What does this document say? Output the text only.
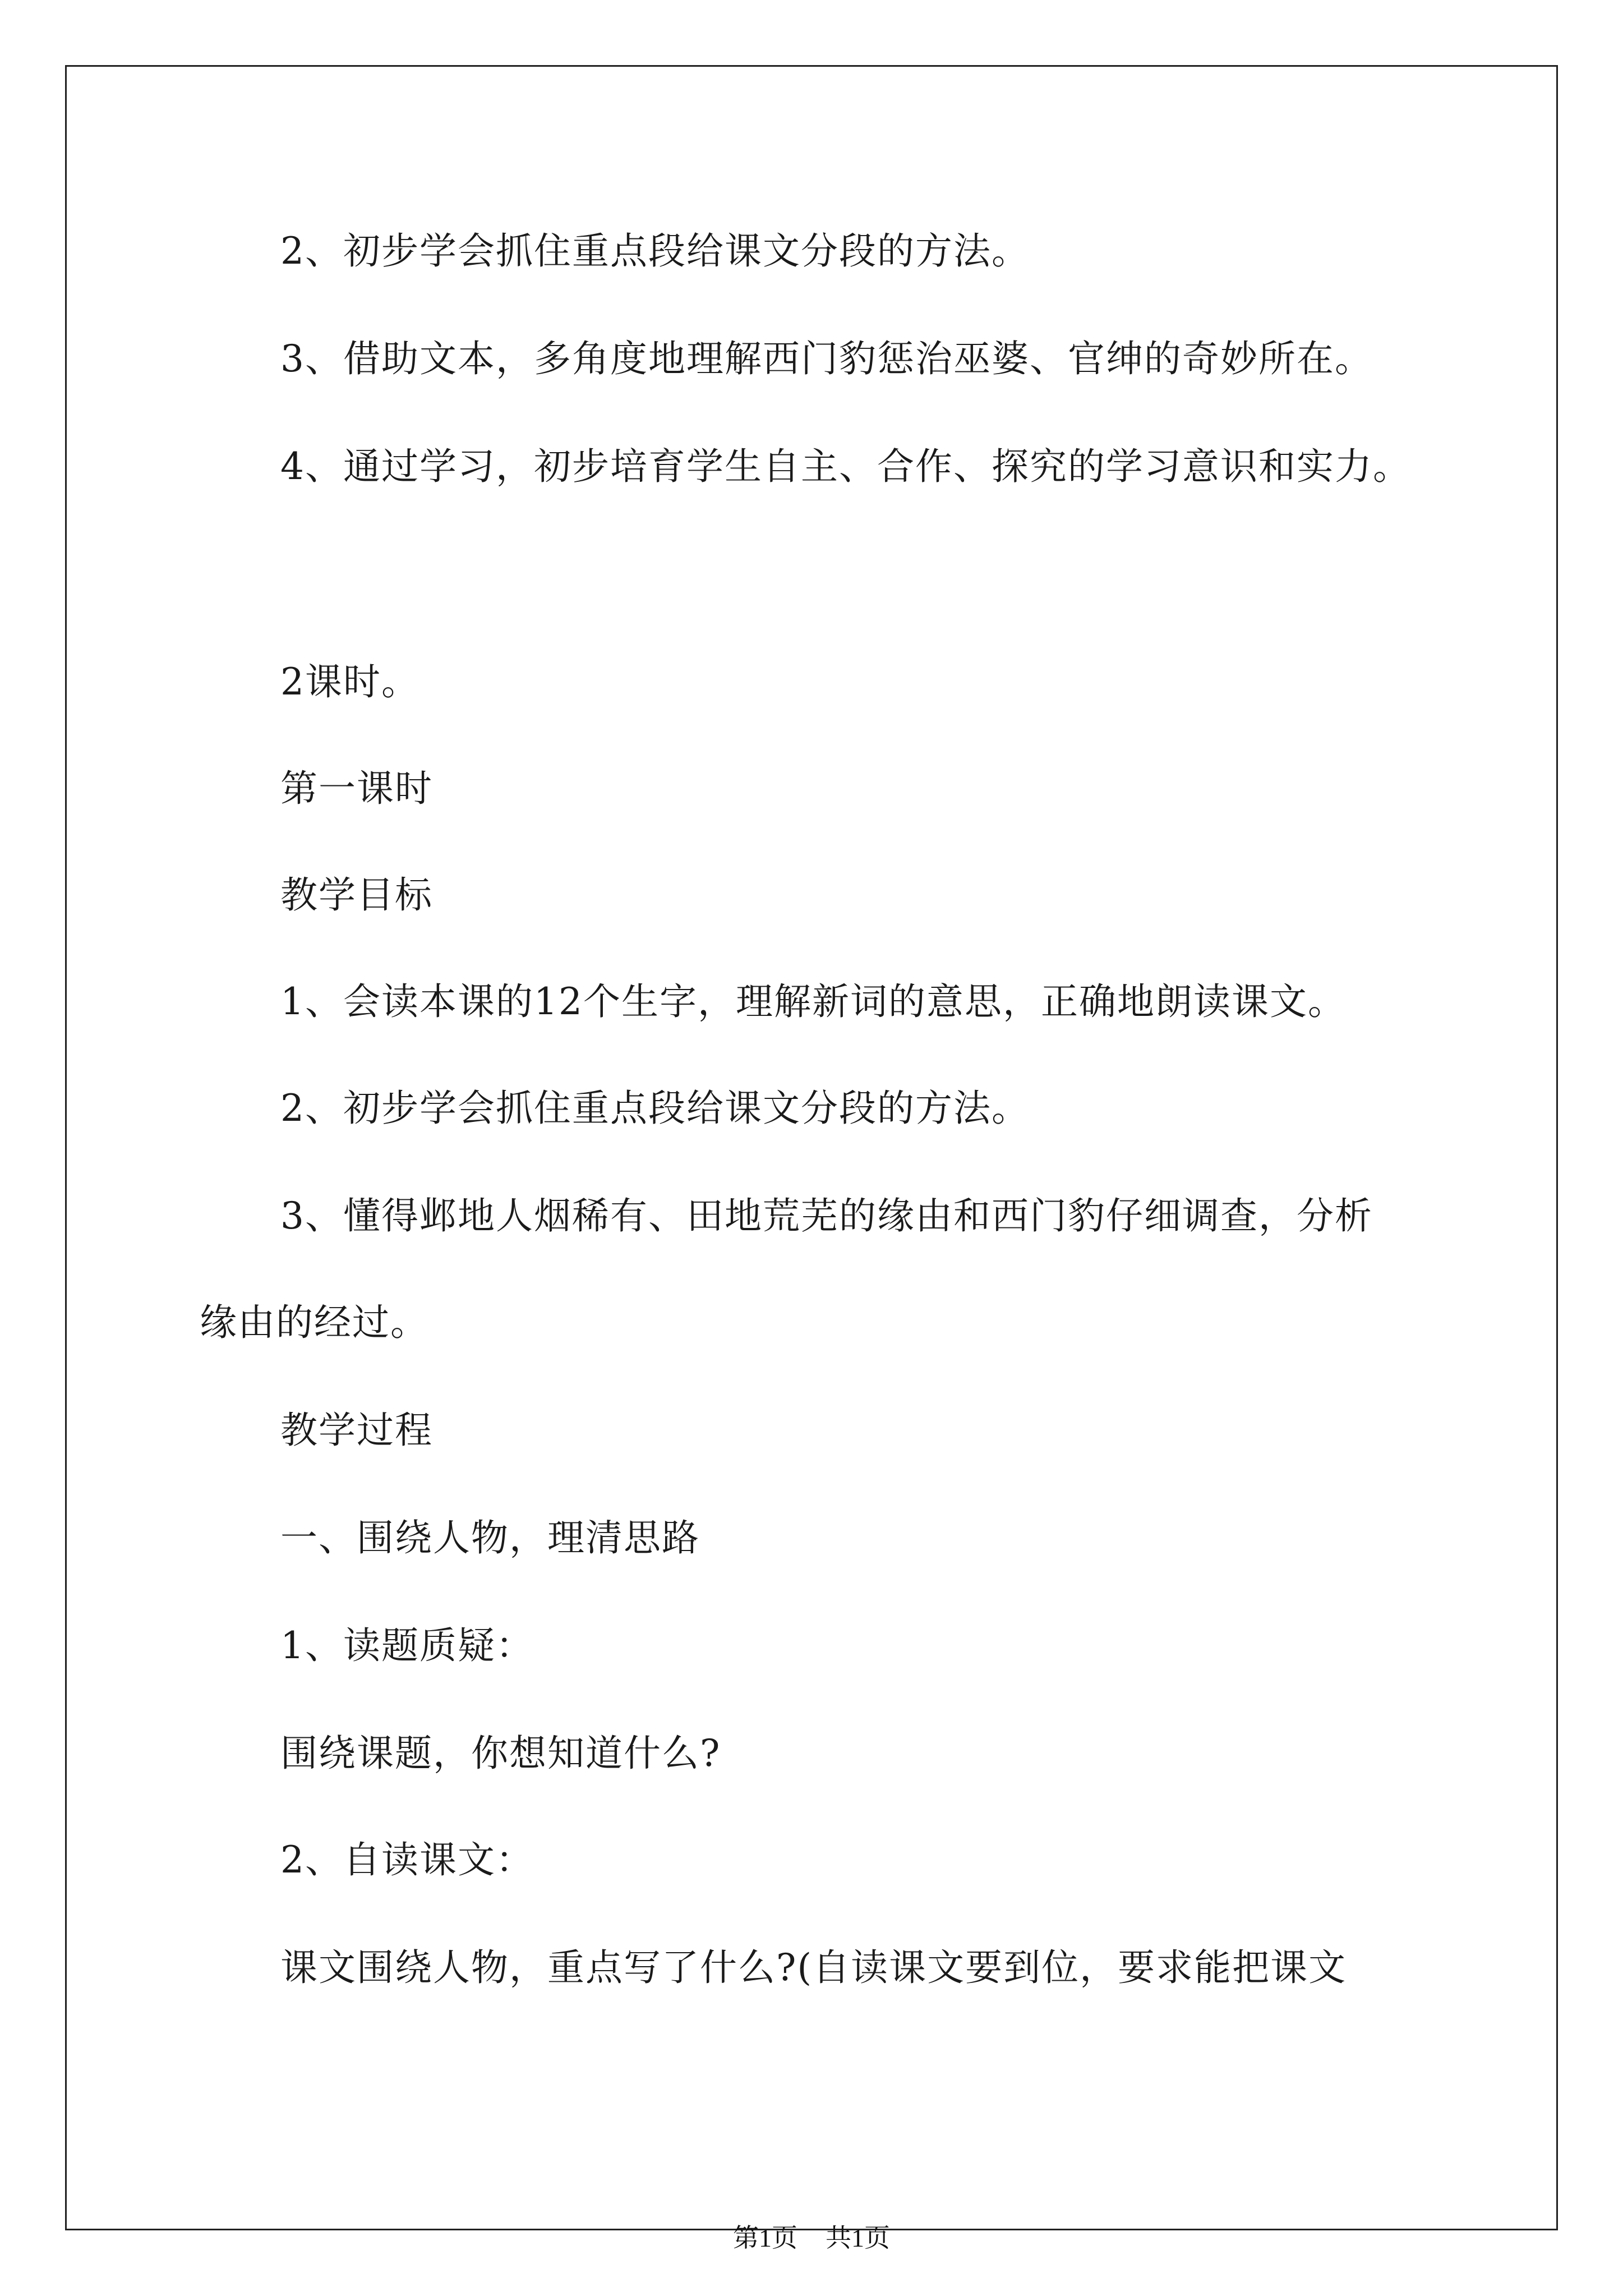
2、初步学会抓住重点段给课文分段的方法。
3、借助文本，多角度地理解西门豹惩治巫婆、官绅的奇妙所在。
4、通过学习，初步培育学生自主、合作、探究的学习意识和实力。
2课时。
第一课时
教学目标
1、会读本课的12个生字，理解新词的意思，正确地朗读课文。
2、初步学会抓住重点段给课文分段的方法。
3、懂得邺地人烟稀有、田地荒芜的缘由和西门豹仔细调查，分析
缘由的经过。
教学过程
一、围绕人物，理清思路
1、读题质疑：
围绕课题，你想知道什么?
2、自读课文：
课文围绕人物，重点写了什么?(自读课文要到位，要求能把课文
第1页 共1页
